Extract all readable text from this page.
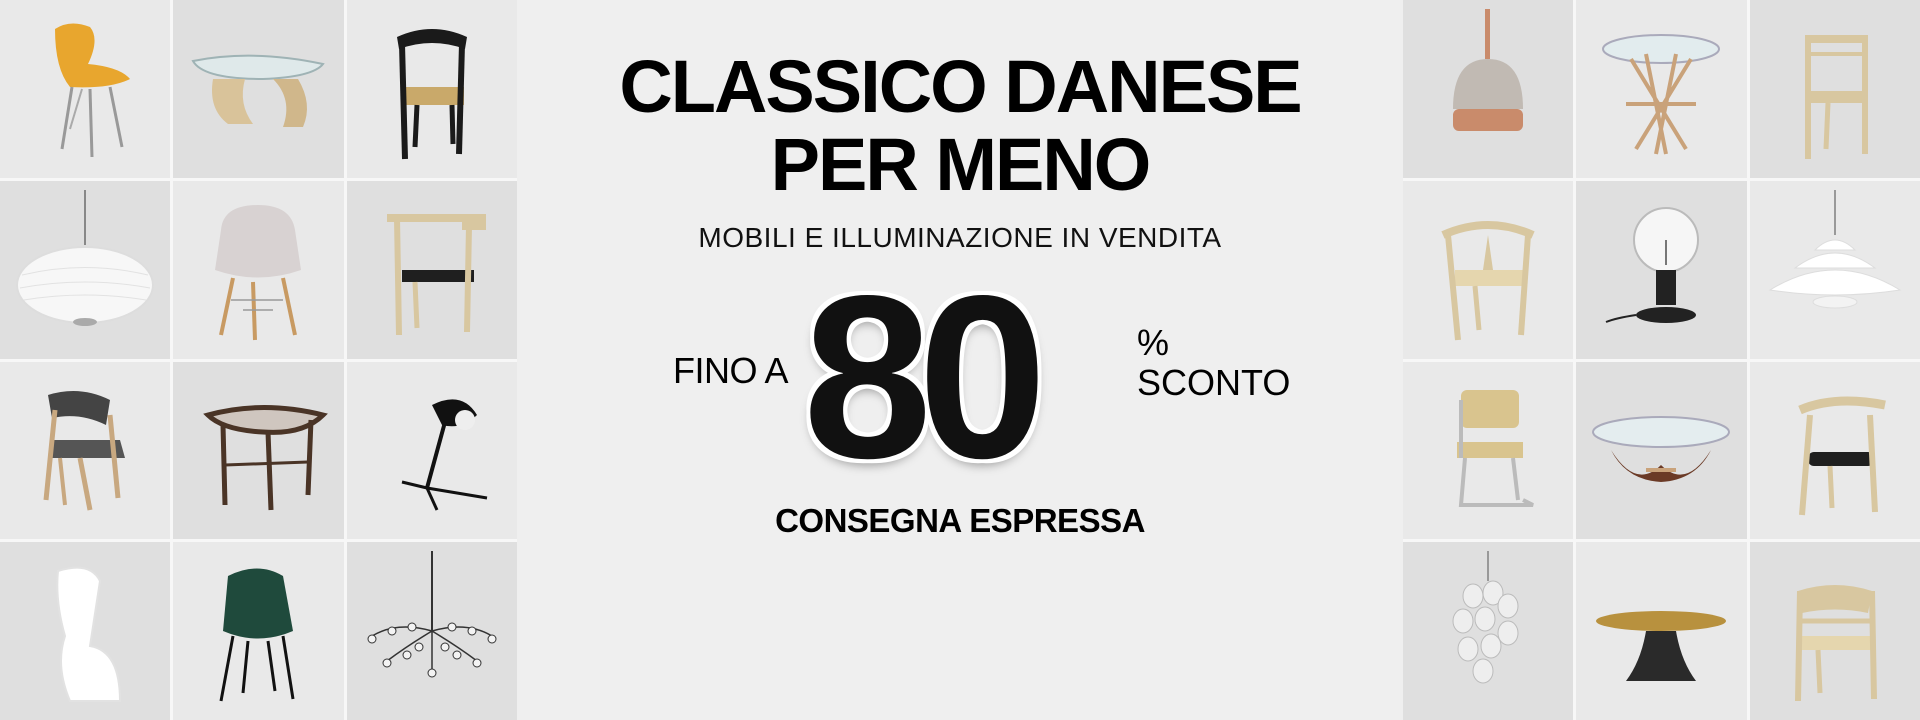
CLASSICO DANESE
PER MENO
MOBILI E ILLUMINAZIONE IN VENDITA
FINO A 80	%
SCONTO
CONSEGNA ESPRESSA
